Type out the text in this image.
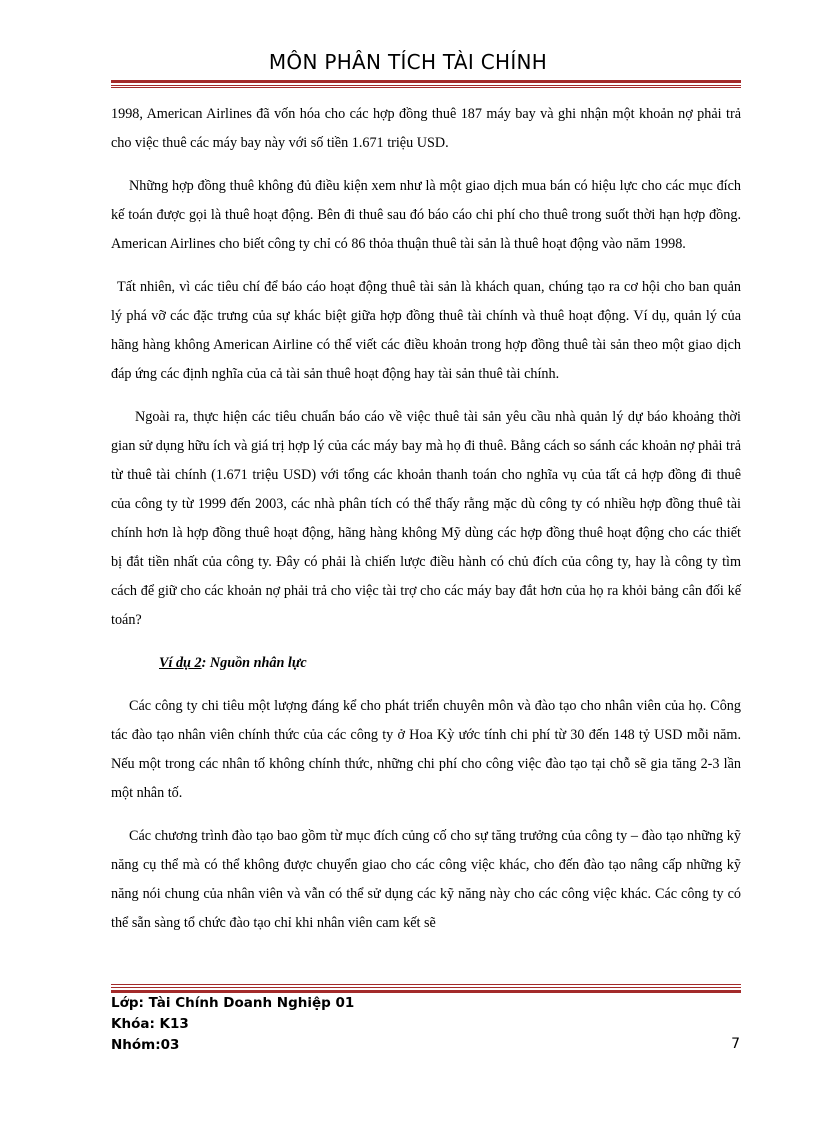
MÔN PHÂN TÍCH TÀI CHÍNH

1998, American Airlines đã vốn hóa cho các hợp đồng thuê 187 máy bay và ghi nhận một khoản nợ phải trả cho việc thuê các máy bay này với số tiền 1.671 triệu USD.

Những hợp đồng thuê không đủ điều kiện xem như là một giao dịch mua bán có hiệu lực cho các mục đích kế toán được gọi là thuê hoạt động. Bên đi thuê sau đó báo cáo chi phí cho thuê trong suốt thời hạn hợp đồng. American Airlines cho biết công ty chỉ có 86 thỏa thuận thuê tài sản là thuê hoạt động vào năm 1998.

Tất nhiên, vì các tiêu chí để báo cáo hoạt động thuê tài sản là khách quan, chúng tạo ra cơ hội cho ban quản lý phá vỡ các đặc trưng của sự khác biệt giữa hợp đồng thuê tài chính và thuê hoạt động. Ví dụ, quản lý của hãng hàng không American Airline có thể viết các điều khoản trong hợp đồng thuê tài sản theo một giao dịch đáp ứng các định nghĩa của cả tài sản thuê hoạt động hay tài sản thuê tài chính.

Ngoài ra, thực hiện các tiêu chuẩn báo cáo về việc thuê tài sản yêu cầu nhà quản lý dự báo khoảng thời gian sử dụng hữu ích và giá trị hợp lý của các máy bay mà họ đi thuê. Bằng cách so sánh các khoản nợ phải trả từ thuê tài chính (1.671 triệu USD) với tổng các khoản thanh toán cho nghĩa vụ của tất cả hợp đồng đi thuê của công ty từ 1999 đến 2003, các nhà phân tích có thể thấy rằng mặc dù công ty có nhiều hợp đồng thuê tài chính hơn là hợp đồng thuê hoạt động, hãng hàng không Mỹ dùng các hợp đồng thuê hoạt động cho các thiết bị đắt tiền nhất của công ty. Đây có phải là chiến lược điều hành có chủ đích của công ty, hay là công ty tìm cách để giữ cho các khoản nợ phải trả cho việc tài trợ cho các máy bay đắt hơn của họ ra khỏi bảng cân đối kế toán?

Ví dụ 2: Nguồn nhân lực

Các công ty chi tiêu một lượng đáng kể cho phát triển chuyên môn và đào tạo cho nhân viên của họ. Công tác đào tạo nhân viên chính thức của các công ty ở Hoa Kỳ ước tính chi phí từ 30 đến 148 tỷ USD mỗi năm. Nếu một trong các nhân tố không chính thức, những chi phí cho công việc đào tạo tại chỗ sẽ gia tăng 2-3 lần một nhân tố.

Các chương trình đào tạo bao gồm từ mục đích củng cố cho sự tăng trưởng của công ty – đào tạo những kỹ năng cụ thể mà có thể không được chuyển giao cho các công việc khác, cho đến đào tạo nâng cấp những kỹ năng nói chung của nhân viên và vẫn có thể sử dụng các kỹ năng này cho các công việc khác. Các công ty có thể sẵn sàng tổ chức đào tạo chỉ khi nhân viên cam kết sẽ

Lớp: Tài Chính Doanh Nghiệp 01
Khóa: K13
Nhóm:03	7
